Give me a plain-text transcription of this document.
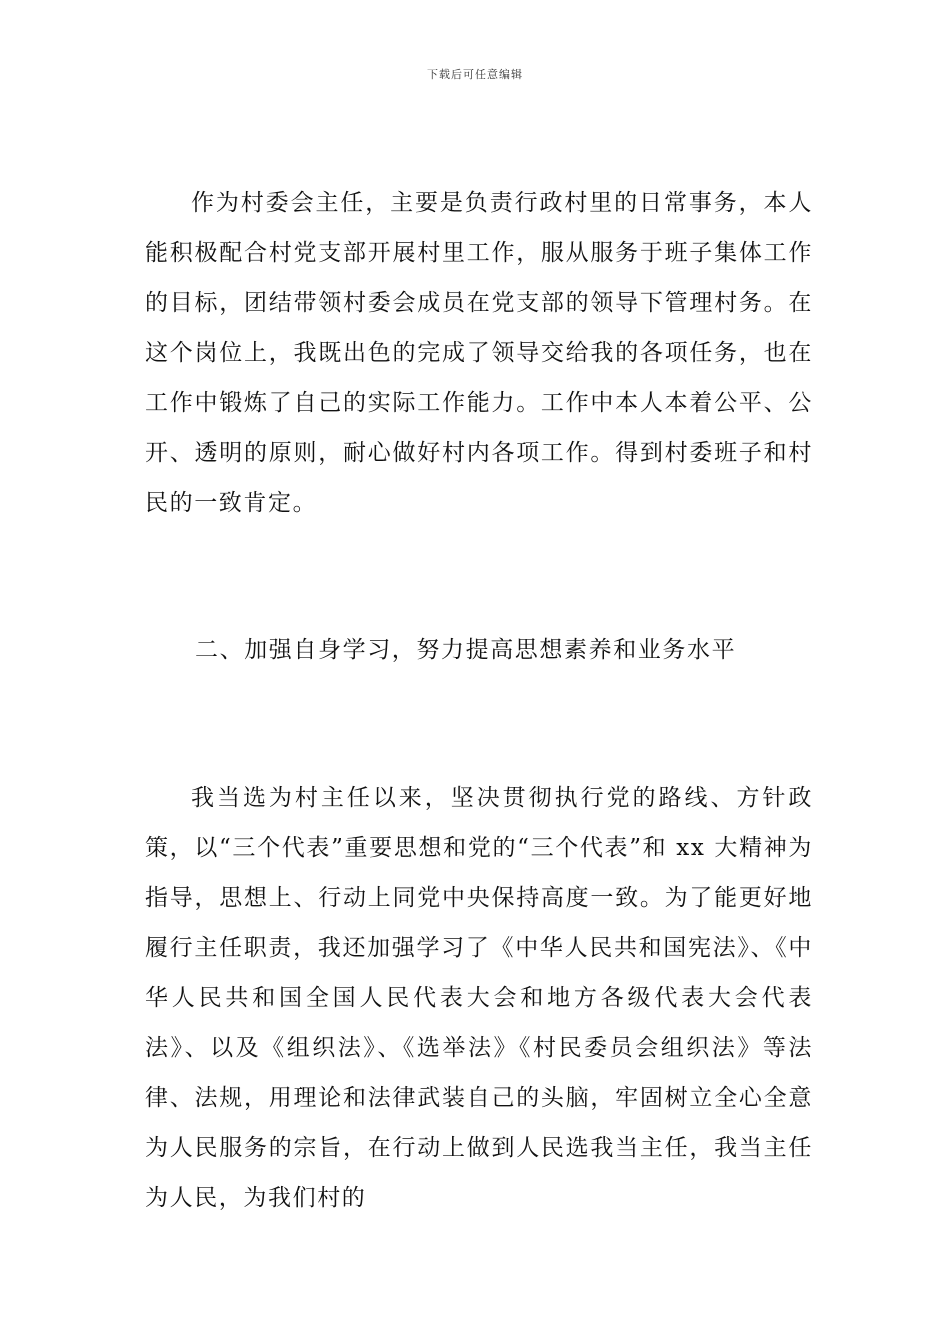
下载后可任意编辑

作为村委会主任，主要是负责行政村里的日常事务，本人能积极配合村党支部开展村里工作，服从服务于班子集体工作的目标，团结带领村委会成员在党支部的领导下管理村务。在这个岗位上，我既出色的完成了领导交给我的各项任务，也在工作中锻炼了自己的实际工作能力。工作中本人本着公平、公开、透明的原则，耐心做好村内各项工作。得到村委班子和村民的一致肯定。

二、加强自身学习，努力提高思想素养和业务水平

我当选为村主任以来，坚决贯彻执行党的路线、方针政策，以“三个代表”重要思想和党的“三个代表”和 xx 大精神为指导，思想上、行动上同党中央保持高度一致。为了能更好地履行主任职责，我还加强学习了《中华人民共和国宪法》、《中华人民共和国全国人民代表大会和地方各级代表大会代表法》、以及《组织法》、《选举法》《村民委员会组织法》等法律、法规，用理论和法律武装自己的头脑，牢固树立全心全意为人民服务的宗旨，在行动上做到人民选我当主任，我当主任为人民，为我们村的
